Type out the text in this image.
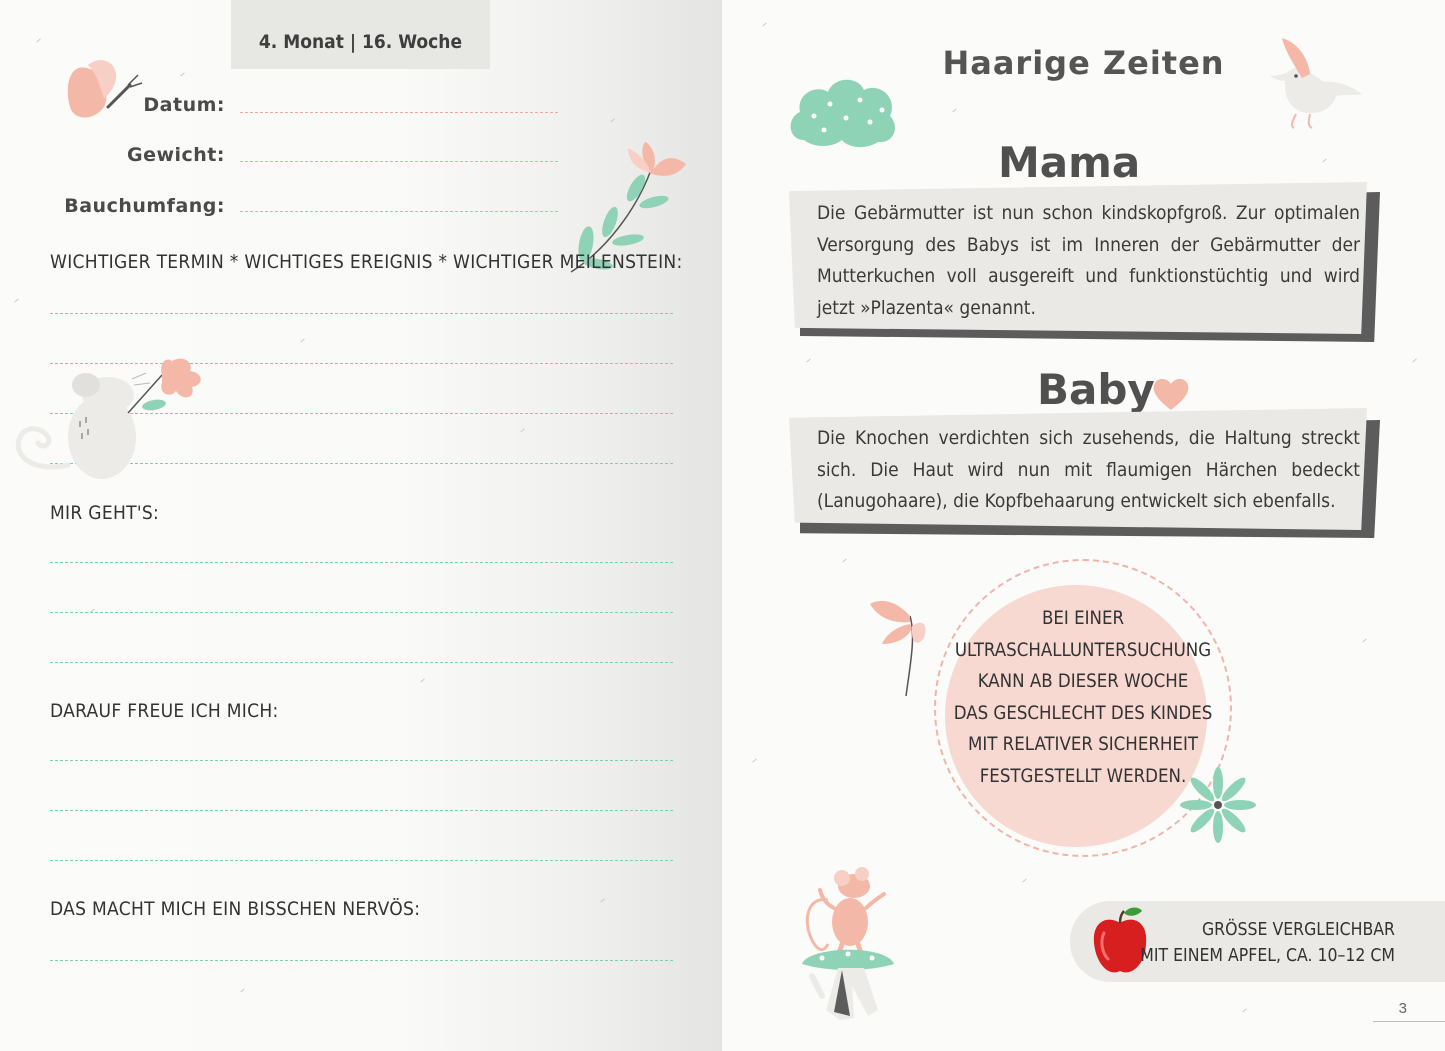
4. Monat | 16. Woche
Datum:
Gewicht:
Bauchumfang:
WICHTIGER TERMIN * WICHTIGES EREIGNIS * WICHTIGER MEILENSTEIN:
MIR GEHT'S:
DARAUF FREUE ICH MICH:
DAS MACHT MICH EIN BISSCHEN NERVÖS:
Haarige Zeiten
Mama
Die Gebärmutter ist nun schon kindskopfgroß. Zur optimalen Versorgung des Babys ist im Inneren der Gebärmutter der Mutterkuchen voll ausgereift und funktionstüchtig und wird jetzt »Plazenta« genannt.
Baby
Die Knochen verdichten sich zusehends, die Haltung streckt sich. Die Haut wird nun mit flaumigen Härchen bedeckt (Lanugohaare), die Kopfbehaarung entwickelt sich ebenfalls.
BEI EINER
ULTRASCHALLUNTERSUCHUNG
KANN AB DIESER WOCHE
DAS GESCHLECHT DES KINDES
MIT RELATIVER SICHERHEIT
FESTGESTELLT WERDEN.
GRÖSSE VERGLEICHBAR
MIT EINEM APFEL, CA. 10–12 CM
3
